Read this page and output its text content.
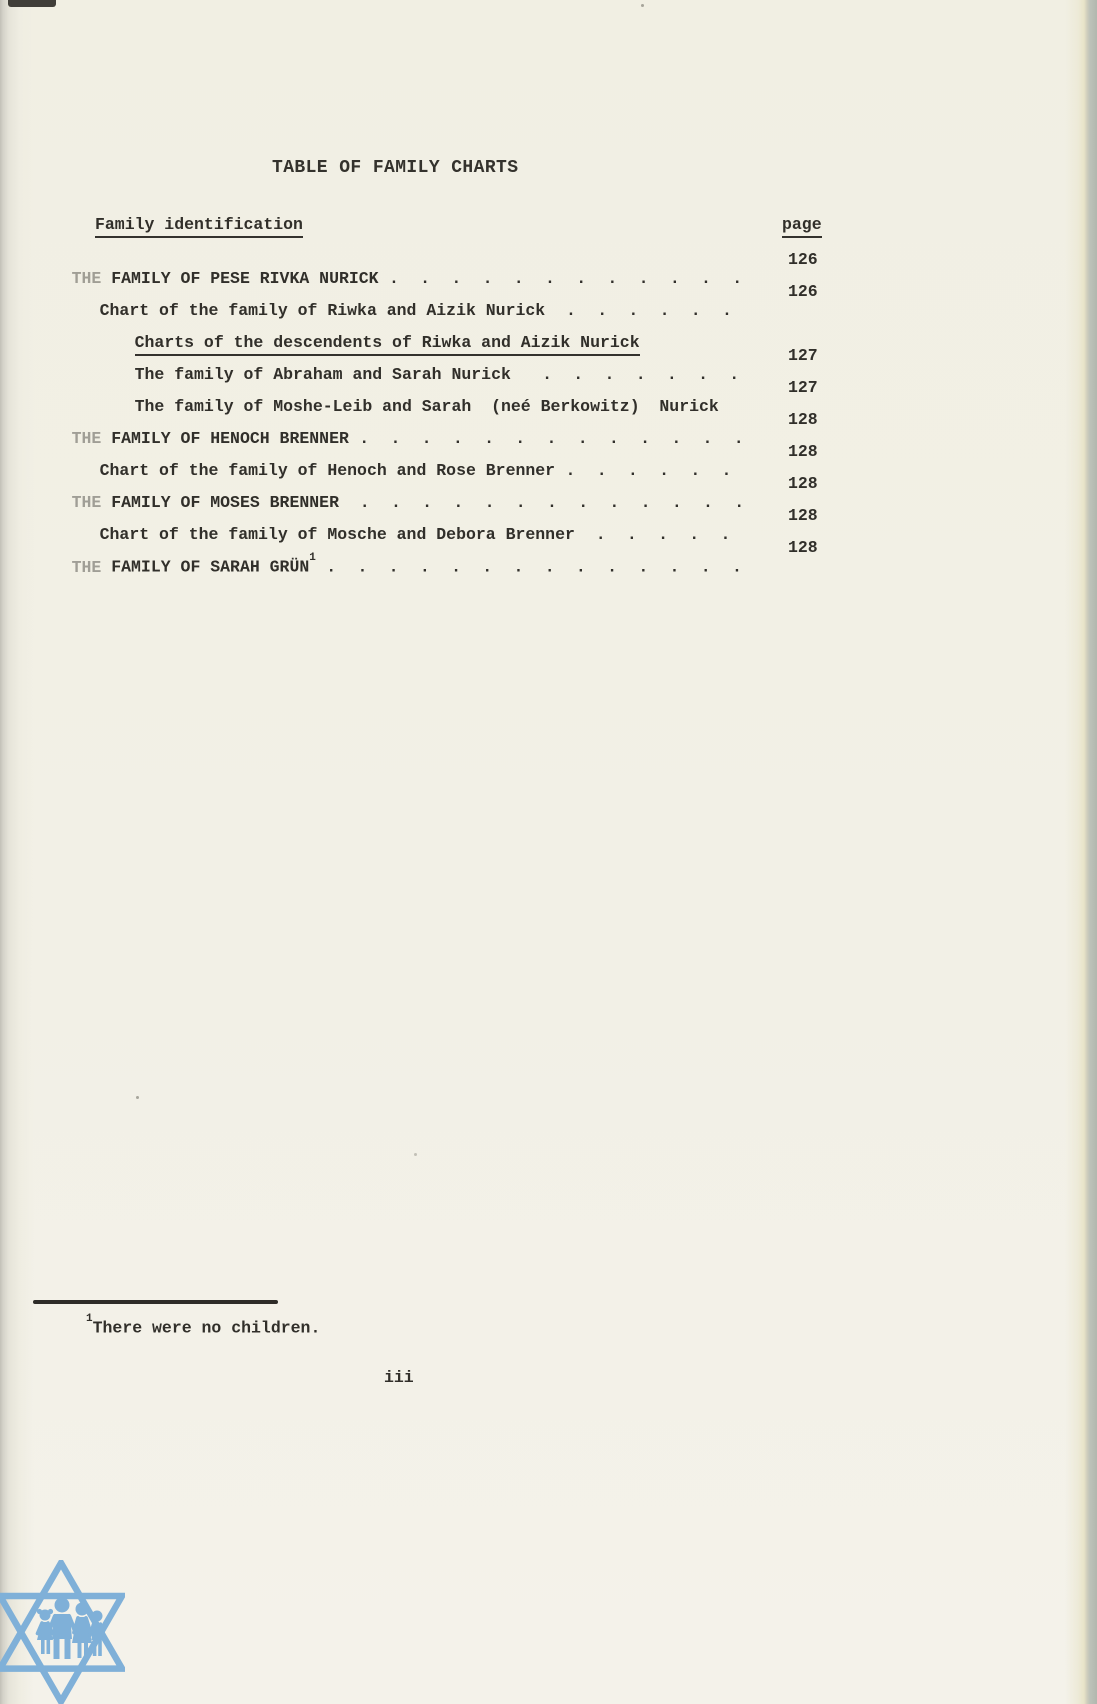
TABLE OF FAMILY CHARTS
Family identification	page

THE FAMILY OF PESE RIVKA NURICK .  .  .  .  .  .  .  .  .  .  .  .

126

Chart of the family of Riwka and Aizik Nurick  .  .  .  .  .  .

126

Charts of the descendents of Riwka and Aizik Nurick

The family of Abraham and Sarah Nurick   .  .  .  .  .  .  .

127

The family of Moshe-Leib and Sarah  (neé Berkowitz)  Nurick

127

THE FAMILY OF HENOCH BRENNER .  .  .  .  .  .  .  .  .  .  .  .  .

128

Chart of the family of Henoch and Rose Brenner .  .  .  .  .  .

128

THE FAMILY OF MOSES BRENNER  .  .  .  .  .  .  .  .  .  .  .  .  .

128

Chart of the family of Mosche and Debora Brenner  .  .  .  .  .

128

THE FAMILY OF SARAH GRÜN$^1$ .  .  .  .  .  .  .  .  .  .  .  .  .  .

128

$^1$There were no children.
iii
